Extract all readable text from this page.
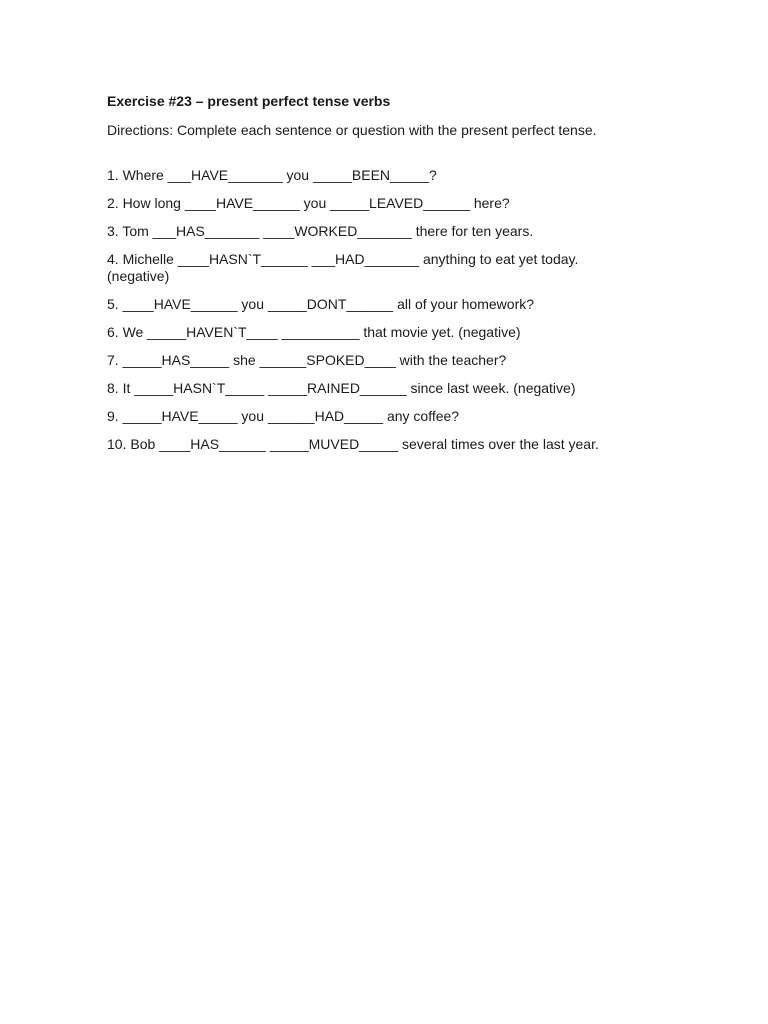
Exercise #23 – present perfect tense verbs

Directions: Complete each sentence or question with the present perfect tense.

1. Where ___HAVE_______ you _____BEEN_____?
2. How long ____HAVE______ you _____LEAVED______ here?
3. Tom ___HAS_______ ____WORKED_______ there for ten years.
4. Michelle ____HASN`T______ ___HAD_______ anything to eat yet today.
(negative)
5. ____HAVE______ you _____DONT______ all of your homework?
6. We _____HAVEN`T____ __________ that movie yet. (negative)
7. _____HAS_____ she ______SPOKED____ with the teacher?
8. It _____HASN`T_____ _____RAINED______ since last week. (negative)
9. _____HAVE_____ you ______HAD_____ any coffee?
10. Bob ____HAS______ _____MUVED_____ several times over the last year.
